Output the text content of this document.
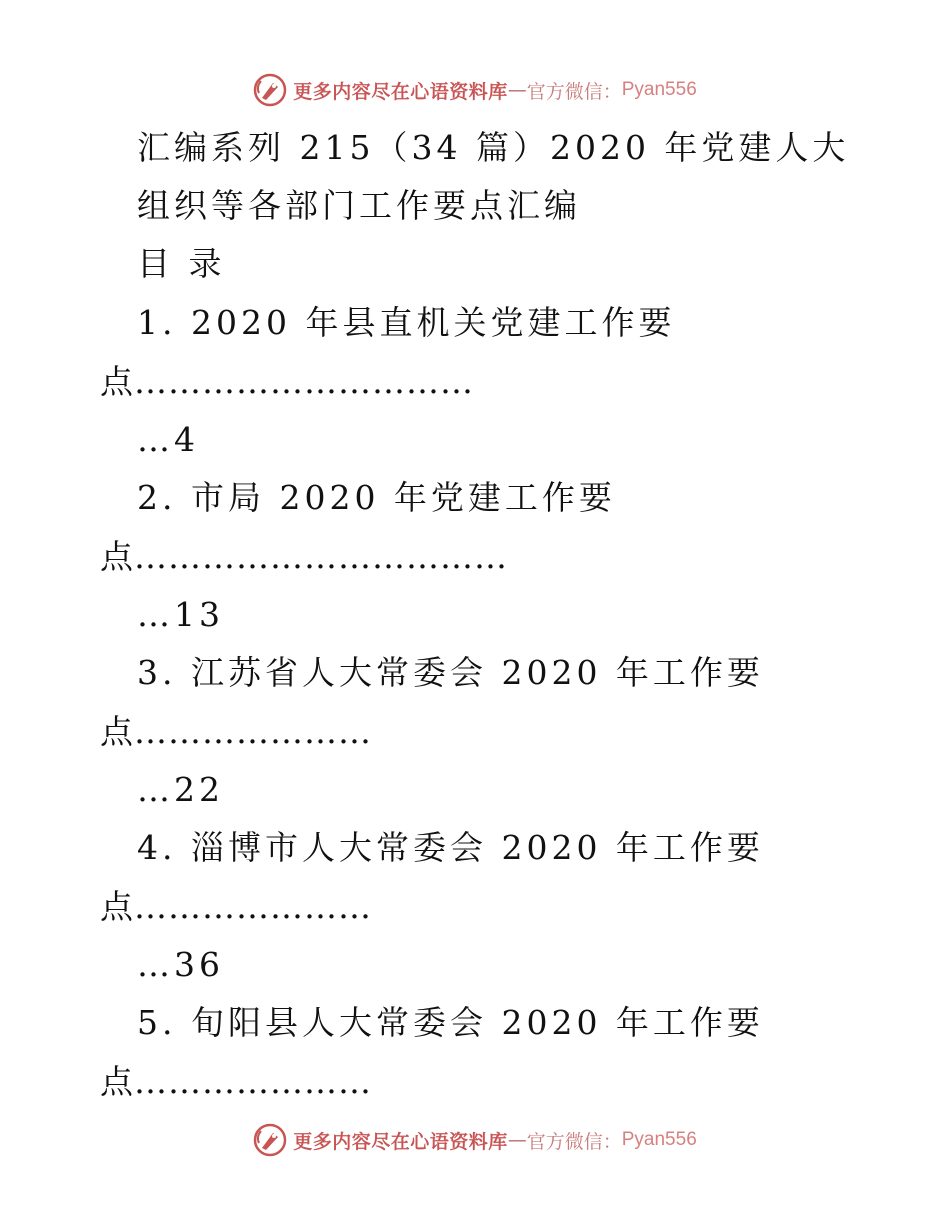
更多内容尽在心语资料库 — 官方微信： Pyan556
汇编系列 215（34 篇）2020 年党建人大
组织等各部门工作要点汇编
目 录
1. 2020 年县直机关党建工作要
点…………………………
…4
2. 市局 2020 年党建工作要
点……………………………
…13
3. 江苏省人大常委会 2020 年工作要
点…………………
…22
4. 淄博市人大常委会 2020 年工作要
点…………………
…36
5. 旬阳县人大常委会 2020 年工作要
点…………………
更多内容尽在心语资料库 — 官方微信： Pyan556
